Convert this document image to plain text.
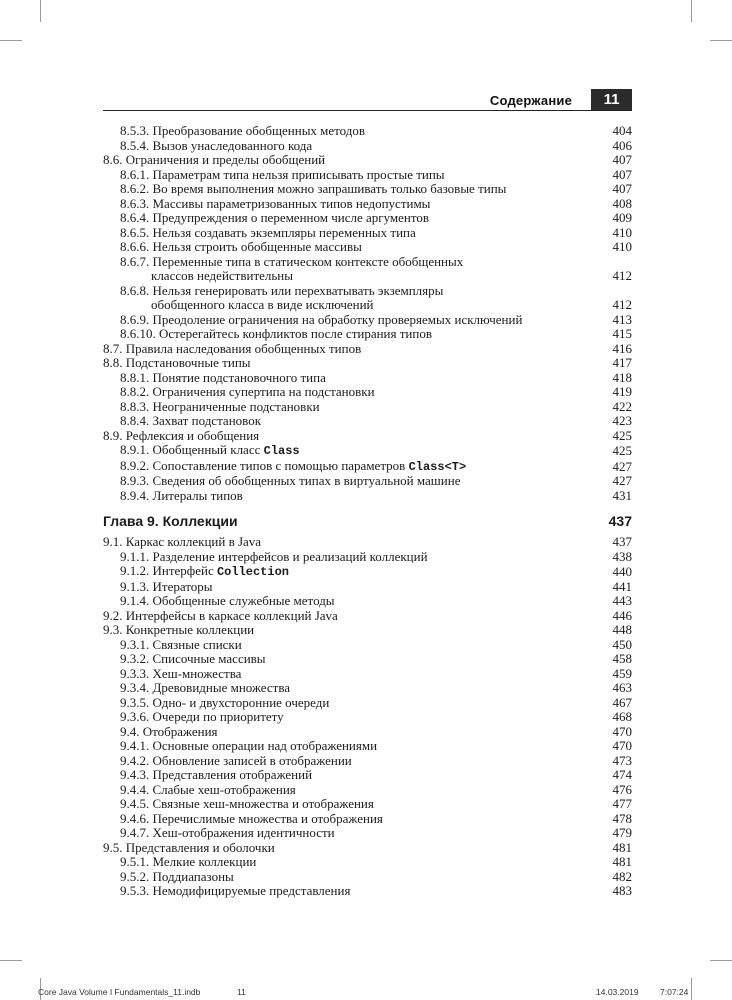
Содержание	11
8.5.3. Преобразование обобщенных методов	404
8.5.4. Вызов унаследованного кода	406
8.6. Ограничения и пределы обобщений	407
8.6.1. Параметрам типа нельзя приписывать простые типы	407
8.6.2. Во время выполнения можно запрашивать только базовые типы	407
8.6.3. Массивы параметризованных типов недопустимы	408
8.6.4. Предупреждения о переменном числе аргументов	409
8.6.5. Нельзя создавать экземпляры переменных типа	410
8.6.6. Нельзя строить обобщенные массивы	410
8.6.7. Переменные типа в статическом контексте обобщенных
классов недействительны	412
8.6.8. Нельзя генерировать или перехватывать экземпляры
обобщенного класса в виде исключений	412
8.6.9. Преодоление ограничения на обработку проверяемых исключений	413
8.6.10. Остерегайтесь конфликтов после стирания типов	415
8.7. Правила наследования обобщенных типов	416
8.8. Подстановочные типы	417
8.8.1. Понятие подстановочного типа	418
8.8.2. Ограничения супертипа на подстановки	419
8.8.3. Неограниченные подстановки	422
8.8.4. Захват подстановок	423
8.9. Рефлексия и обобщения	425
8.9.1. Обобщенный класс Class	425
8.9.2. Сопоставление типов с помощью параметров Class<T>	427
8.9.3. Сведения об обобщенных типах в виртуальной машине	427
8.9.4. Литералы типов	431
Глава 9. Коллекции	437
9.1. Каркас коллекций в Java	437
9.1.1. Разделение интерфейсов и реализаций коллекций	438
9.1.2. Интерфейс Collection	440
9.1.3. Итераторы	441
9.1.4. Обобщенные служебные методы	443
9.2. Интерфейсы в каркасе коллекций Java	446
9.3. Конкретные коллекции	448
9.3.1. Связные списки	450
9.3.2. Списочные массивы	458
9.3.3. Хеш-множества	459
9.3.4. Древовидные множества	463
9.3.5. Одно- и двухсторонние очереди	467
9.3.6. Очереди по приоритету	468
9.4. Отображения	470
9.4.1. Основные операции над отображениями	470
9.4.2. Обновление записей в отображении	473
9.4.3. Представления отображений	474
9.4.4. Слабые хеш-отображения	476
9.4.5. Связные хеш-множества и отображения	477
9.4.6. Перечислимые множества и отображения	478
9.4.7. Хеш-отображения идентичности	479
9.5. Представления и оболочки	481
9.5.1. Мелкие коллекции	481
9.5.2. Поддиапазоны	482
9.5.3. Немодифицируемые представления	483
Core Java Volume I Fundamentals_11.indb	11	14.03.2019	7:07:24
